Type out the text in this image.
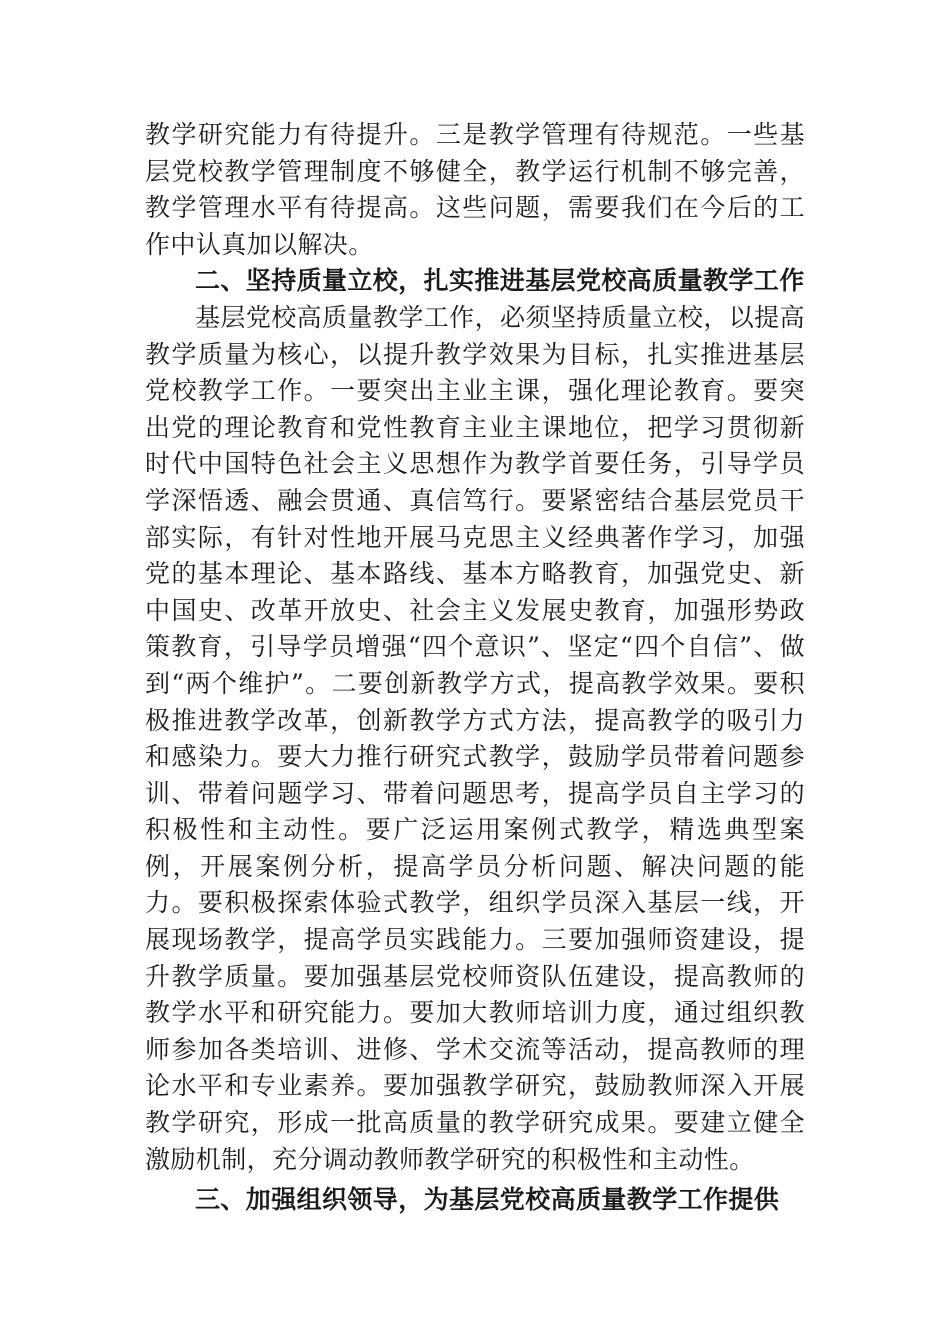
教学研究能力有待提升。三是教学管理有待规范。一些基层党校教学管理制度不够健全，教学运行机制不够完善，教学管理水平有待提高。这些问题，需要我们在今后的工作中认真加以解决。

二、坚持质量立校，扎实推进基层党校高质量教学工作

基层党校高质量教学工作，必须坚持质量立校，以提高教学质量为核心，以提升教学效果为目标，扎实推进基层党校教学工作。一要突出主业主课，强化理论教育。要突出党的理论教育和党性教育主业主课地位，把学习贯彻新时代中国特色社会主义思想作为教学首要任务，引导学员学深悟透、融会贯通、真信笃行。要紧密结合基层党员干部实际，有针对性地开展马克思主义经典著作学习，加强党的基本理论、基本路线、基本方略教育，加强党史、新中国史、改革开放史、社会主义发展史教育，加强形势政策教育，引导学员增强“四个意识”、坚定“四个自信”、做到“两个维护”。二要创新教学方式，提高教学效果。要积极推进教学改革，创新教学方式方法，提高教学的吸引力和感染力。要大力推行研究式教学，鼓励学员带着问题参训、带着问题学习、带着问题思考，提高学员自主学习的积极性和主动性。要广泛运用案例式教学，精选典型案例，开展案例分析，提高学员分析问题、解决问题的能力。要积极探索体验式教学，组织学员深入基层一线，开展现场教学，提高学员实践能力。三要加强师资建设，提升教学质量。要加强基层党校师资队伍建设，提高教师的教学水平和研究能力。要加大教师培训力度，通过组织教师参加各类培训、进修、学术交流等活动，提高教师的理论水平和专业素养。要加强教学研究，鼓励教师深入开展教学研究，形成一批高质量的教学研究成果。要建立健全激励机制，充分调动教师教学研究的积极性和主动性。

三、加强组织领导，为基层党校高质量教学工作提供
